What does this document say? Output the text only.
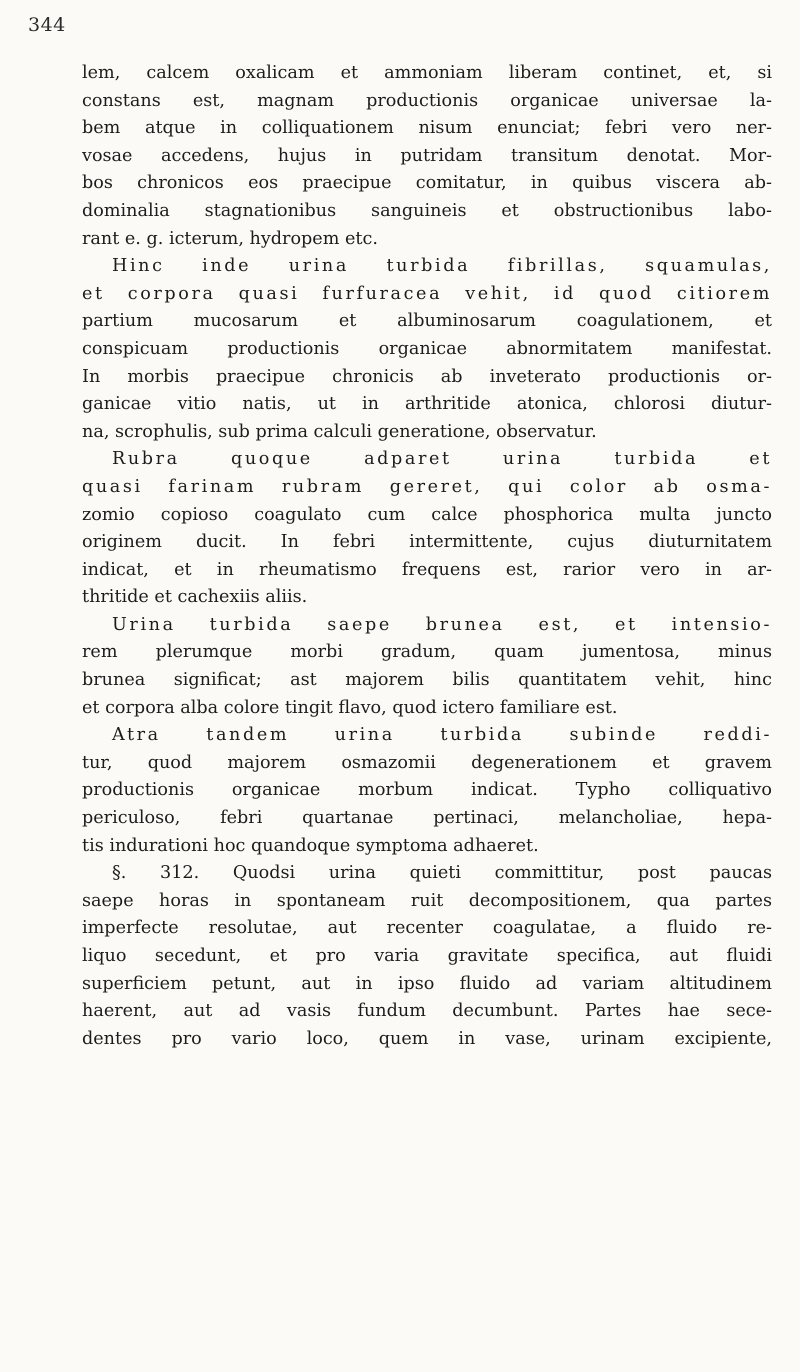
344
lem, calcem oxalicam et ammoniam liberam continet, et, si
constans est, magnam productionis organicae universae la-
bem atque in colliquationem nisum enunciat; febri vero ner-
vosae accedens, hujus in putridam transitum denotat. Mor-
bos chronicos eos praecipue comitatur, in quibus viscera ab-
dominalia stagnationibus sanguineis et obstructionibus labo-
rant e. g. icterum, hydropem etc.
Hinc inde urina turbida fibrillas, squamulas,
et corpora quasi furfuracea vehit, id quod citiorem
partium mucosarum et albuminosarum coagulationem, et
conspicuam productionis organicae abnormitatem manifestat.
In morbis praecipue chronicis ab inveterato productionis or-
ganicae vitio natis, ut in arthritide atonica, chlorosi diutur-
na, scrophulis, sub prima calculi generatione, observatur.
Rubra quoque adparet urina turbida et
quasi farinam rubram gereret, qui color ab osma-
zomio copioso coagulato cum calce phosphorica multa juncto
originem ducit. In febri intermittente, cujus diuturnitatem
indicat, et in rheumatismo frequens est, rarior vero in ar-
thritide et cachexiis aliis.
Urina turbida saepe brunea est, et intensio-
rem plerumque morbi gradum, quam jumentosa, minus
brunea significat; ast majorem bilis quantitatem vehit, hinc
et corpora alba colore tingit flavo, quod ictero familiare est.
Atra tandem urina turbida subinde reddi-
tur, quod majorem osmazomii degenerationem et gravem
productionis organicae morbum indicat. Typho colliquativo
periculoso, febri quartanae pertinaci, melancholiae, hepa-
tis indurationi hoc quandoque symptoma adhaeret.
§. 312. Quodsi urina quieti committitur, post paucas
saepe horas in spontaneam ruit decompositionem, qua partes
imperfecte resolutae, aut recenter coagulatae, a fluido re-
liquo secedunt, et pro varia gravitate specifica, aut fluidi
superficiem petunt, aut in ipso fluido ad variam altitudinem
haerent, aut ad vasis fundum decumbunt. Partes hae sece-
dentes pro vario loco, quem in vase, urinam excipiente,
